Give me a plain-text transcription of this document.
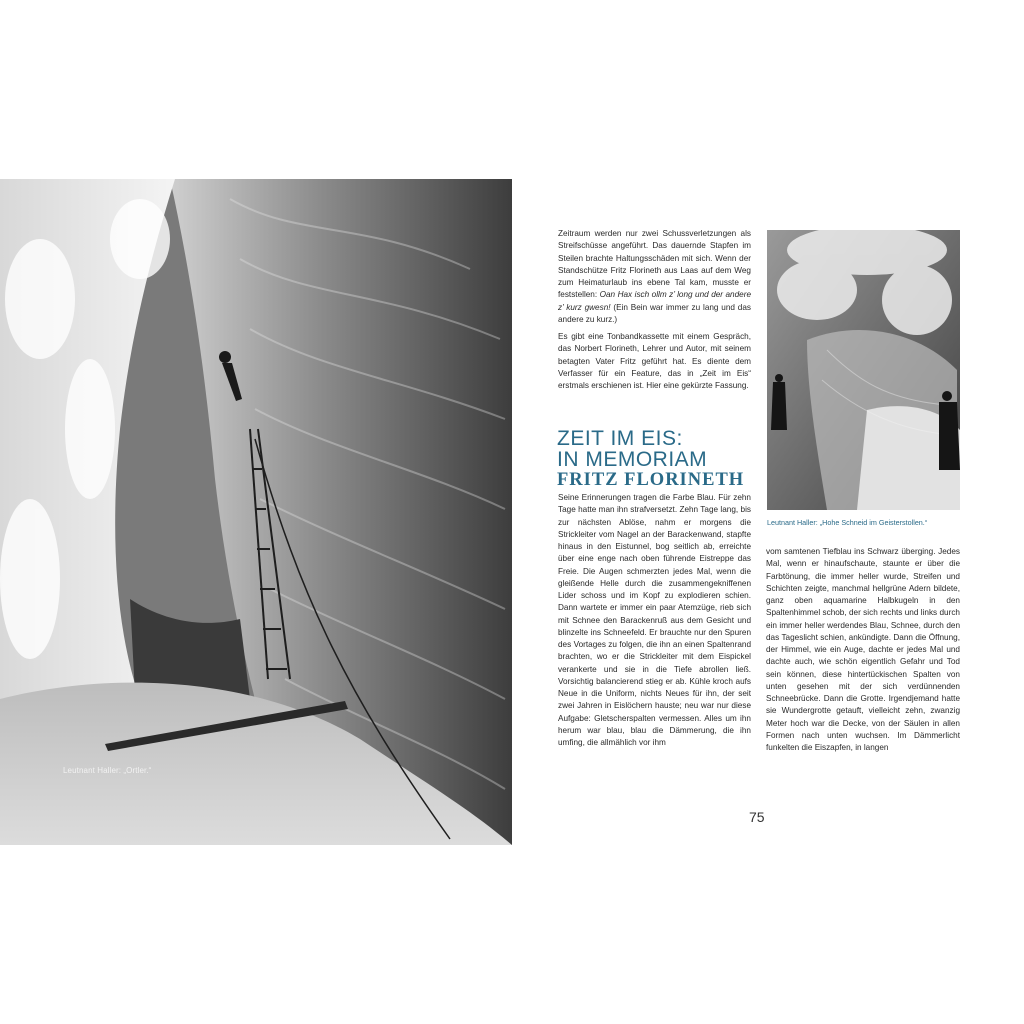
Leutnant Haller: „Ortler.“

Zeitraum werden nur zwei Schussverletzungen als Streifschüsse angeführt. Das dauernde Stapfen im Steilen brachte Haltungsschäden mit sich. Wenn der Standschütze Fritz Florineth aus Laas auf dem Weg zum Heimaturlaub ins ebene Tal kam, musste er feststellen: Oan Hax isch ollm z’ long und der andere z’ kurz gwesn! (Ein Bein war immer zu lang und das andere zu kurz.)

Es gibt eine Tonbandkassette mit einem Gespräch, das Norbert Florineth, Lehrer und Autor, mit seinem betagten Vater Fritz geführt hat. Es diente dem Verfasser für ein Feature, das in „Zeit im Eis“ erstmals erschienen ist. Hier eine gekürzte Fassung.

ZEIT IM EIS:
IN MEMORIAM
FRITZ FLORINETH
Leutnant Haller: „Hohe Schneid im Geisterstollen.“

Seine Erinnerungen tragen die Farbe Blau. Für zehn Tage hatte man ihn strafversetzt. Zehn Tage lang, bis zur nächsten Ablöse, nahm er morgens die Strickleiter vom Nagel an der Barackenwand, stapfte hinaus in den Eistunnel, bog seitlich ab, erreichte über eine enge nach oben führende Eistreppe das Freie. Die Augen schmerzten jedes Mal, wenn die gleißende Helle durch die zusammengekniffenen Lider schoss und im Kopf zu explodieren schien. Dann wartete er immer ein paar Atemzüge, rieb sich mit Schnee den Barackenruß aus dem Gesicht und blinzelte ins Schneefeld. Er brauchte nur den Spuren des Vortages zu folgen, die ihn an einen Spaltenrand brachten, wo er die Strickleiter mit dem Eispickel verankerte und sie in die Tiefe abrollen ließ. Vorsichtig balancierend stieg er ab. Kühle kroch aufs Neue in die Uniform, nichts Neues für ihn, der seit zwei Jahren in Eislöchern hauste; neu war nur diese Aufgabe: Gletscherspalten vermessen. Alles um ihn herum war blau, blau die Dämmerung, die ihn umfing, die allmählich vor ihm

vom samtenen Tiefblau ins Schwarz überging. Jedes Mal, wenn er hinaufschaute, staunte er über die Farbtönung, die immer heller wurde, Streifen und Schichten zeigte, manchmal hellgrüne Adern bildete, ganz oben aquamarine Halbkugeln in den Spaltenhimmel schob, der sich rechts und links durch ein immer heller werdendes Blau, Schnee, durch den das Tageslicht schien, ankündigte. Dann die Öffnung, der Himmel, wie ein Auge, dachte er jedes Mal und dachte auch, wie schön eigentlich Gefahr und Tod sein können, diese hintertückischen Spalten von unten gesehen mit der sich verdünnenden Schneebrücke. Dann die Grotte. Irgendjemand hatte sie Wundergrotte getauft, vielleicht zehn, zwanzig Meter hoch war die Decke, von der Säulen in allen Formen nach unten wuchsen. Im Dämmerlicht funkelten die Eiszapfen, in langen

75
